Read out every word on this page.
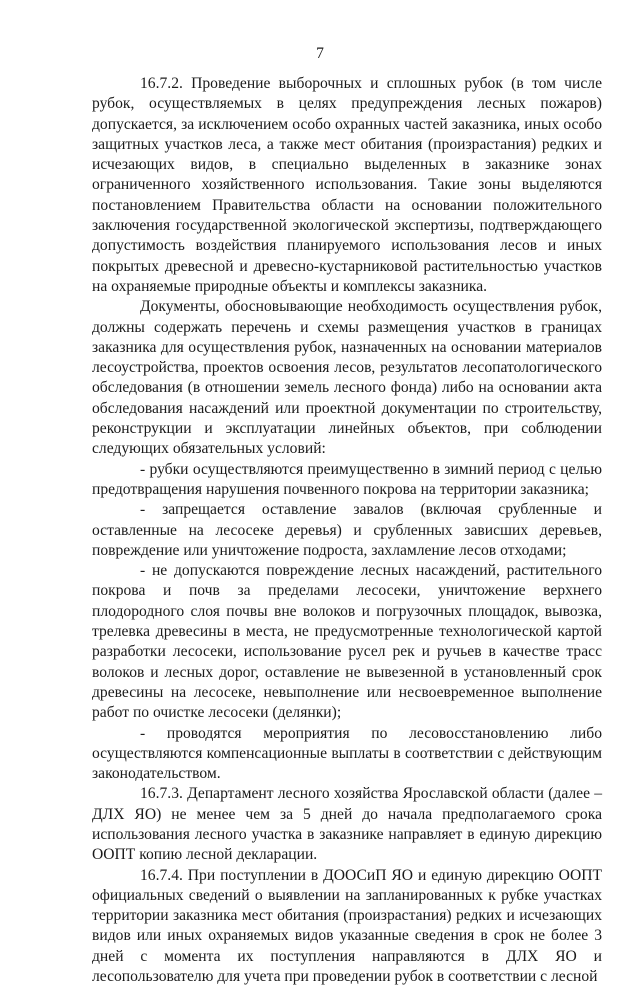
7

16.7.2. Проведение выборочных и сплошных рубок (в том числе рубок, осуществляемых в целях предупреждения лесных пожаров) допускается, за исключением особо охранных частей заказника, иных особо защитных участков леса, а также мест обитания (произрастания) редких и исчезающих видов, в специально выделенных в заказнике зонах ограниченного хозяйственного использования. Такие зоны выделяются постановлением Правительства области на основании положительного заключения государственной экологической экспертизы, подтверждающего допустимость воздействия планируемого использования лесов и иных покрытых древесной и древесно-кустарниковой растительностью участков на охраняемые природные объекты и комплексы заказника.

Документы, обосновывающие необходимость осуществления рубок, должны содержать перечень и схемы размещения участков в границах заказника для осуществления рубок, назначенных на основании материалов лесоустройства, проектов освоения лесов, результатов лесопатологического обследования (в отношении земель лесного фонда) либо на основании акта обследования насаждений или проектной документации по строительству, реконструкции и эксплуатации линейных объектов, при соблюдении следующих обязательных условий:

- рубки осуществляются преимущественно в зимний период с целью предотвращения нарушения почвенного покрова на территории заказника;

- запрещается оставление завалов (включая срубленные и оставленные на лесосеке деревья) и срубленных зависших деревьев, повреждение или уничтожение подроста, захламление лесов отходами;

- не допускаются повреждение лесных насаждений, растительного покрова и почв за пределами лесосеки, уничтожение верхнего плодородного слоя почвы вне волоков и погрузочных площадок, вывозка, трелевка древесины в места, не предусмотренные технологической картой разработки лесосеки, использование русел рек и ручьев в качестве трасс волоков и лесных дорог, оставление не вывезенной в установленный срок древесины на лесосеке, невыполнение или несвоевременное выполнение работ по очистке лесосеки (делянки);

- проводятся мероприятия по лесовосстановлению либо осуществляются компенсационные выплаты в соответствии с действующим законодательством.

16.7.3. Департамент лесного хозяйства Ярославской области (далее – ДЛХ ЯО) не менее чем за 5 дней до начала предполагаемого срока использования лесного участка в заказнике направляет в единую дирекцию ООПТ копию лесной декларации.

16.7.4. При поступлении в ДООСиП ЯО и единую дирекцию ООПТ официальных сведений о выявлении на запланированных к рубке участках территории заказника мест обитания (произрастания) редких и исчезающих видов или иных охраняемых видов указанные сведения в срок не более 3 дней с момента их поступления направляются в ДЛХ ЯО и лесопользователю для учета при проведении рубок в соответствии с лесной
